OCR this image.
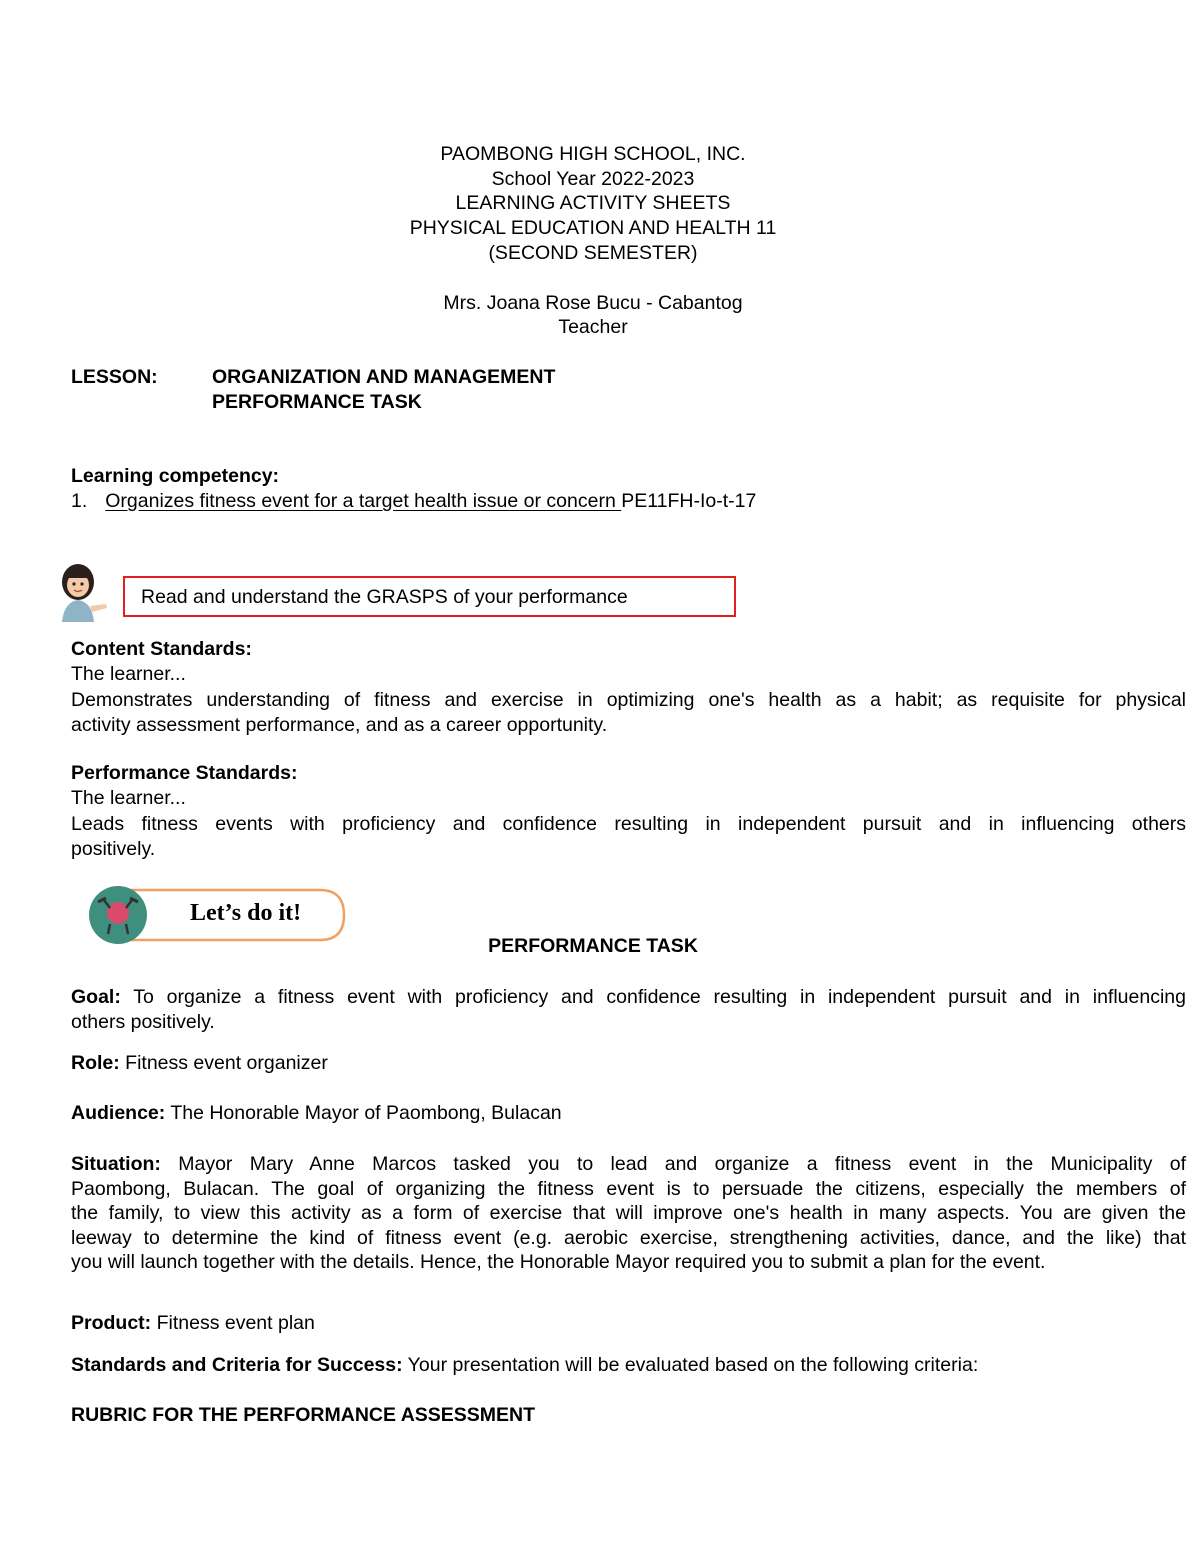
PAOMBONG HIGH SCHOOL, INC.
School Year 2022-2023
LEARNING ACTIVITY SHEETS
PHYSICAL EDUCATION AND HEALTH 11
(SECOND SEMESTER)
Mrs. Joana Rose Bucu - Cabantog
Teacher
LESSON:	ORGANIZATION AND MANAGEMENT
PERFORMANCE TASK
Learning competency:
1. Organizes fitness event for a target health issue or concern PE11FH-Io-t-17
Read and understand the GRASPS of your performance
Content Standards:
The learner...
Demonstrates understanding of fitness and exercise in optimizing one's health as a habit; as requisite for physical
activity assessment performance, and as a career opportunity.
Performance Standards:
The learner...
Leads fitness events with proficiency and confidence resulting in independent pursuit and in influencing others
positively.
Let’s do it!
PERFORMANCE TASK
Goal: To organize a fitness event with proficiency and confidence resulting in independent pursuit and in influencing
others positively.
Role: Fitness event organizer
Audience: The Honorable Mayor of Paombong, Bulacan
Situation: Mayor Mary Anne Marcos tasked you to lead and organize a fitness event in the Municipality of
Paombong, Bulacan. The goal of organizing the fitness event is to persuade the citizens, especially the members of
the family, to view this activity as a form of exercise that will improve one's health in many aspects. You are given the
leeway to determine the kind of fitness event (e.g. aerobic exercise, strengthening activities, dance, and the like) that
you will launch together with the details. Hence, the Honorable Mayor required you to submit a plan for the event.
Product: Fitness event plan
Standards and Criteria for Success: Your presentation will be evaluated based on the following criteria:
RUBRIC FOR THE PERFORMANCE ASSESSMENT
